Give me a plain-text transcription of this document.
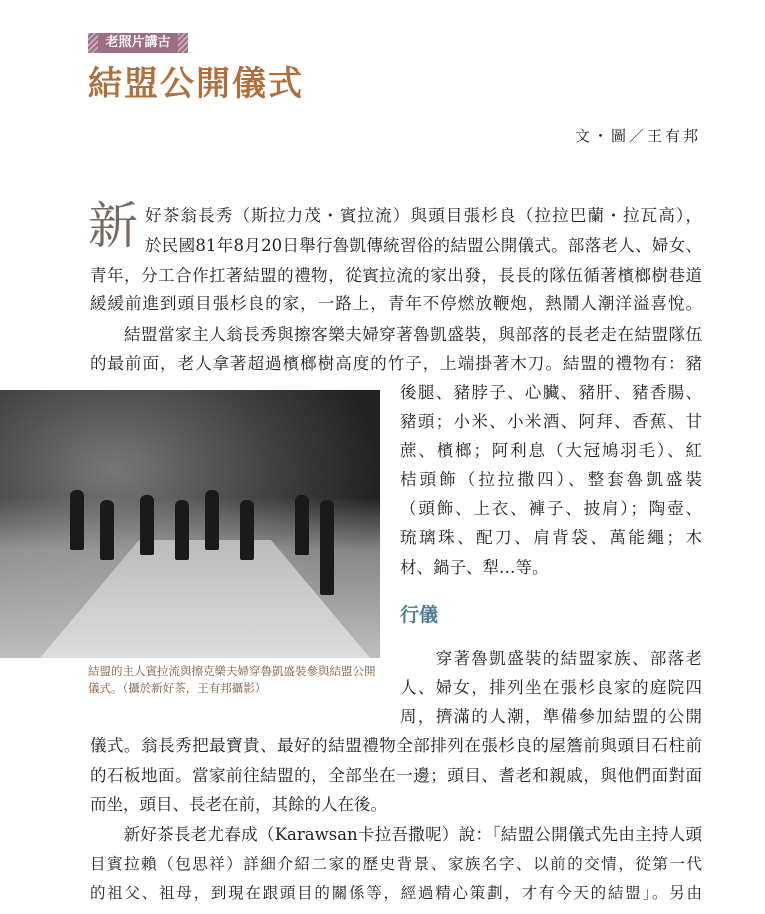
老照片講古
結盟公開儀式
文・圖／王有邦
新 好茶翁長秀（斯拉力茂・賓拉流）與頭目張杉良（拉拉巴蘭・拉瓦高），
於民國81年8月20日舉行魯凱傳統習俗的結盟公開儀式。部落老人、婦女、
青年，分工合作扛著結盟的禮物，從賓拉流的家出發，長長的隊伍循著檳榔樹巷道
緩緩前進到頭目張杉良的家，一路上，青年不停燃放鞭炮，熱鬧人潮洋溢喜悅。
　　結盟當家主人翁長秀與擦客樂夫婦穿著魯凱盛裝，與部落的長老走在結盟隊伍
的最前面，老人拿著超過檳榔樹高度的竹子，上端掛著木刀。結盟的禮物有：豬
後腿、豬脖子、心臟、豬肝、豬香腸、
豬頭；小米、小米酒、阿拜、香蕉、甘
蔗、檳榔；阿利息（大冠鳩羽毛）、紅
桔頭飾（拉拉撒四）、整套魯凱盛裝
（頭飾、上衣、褲子、披肩）；陶壺、
琉璃珠、配刀、肩背袋、萬能繩；木
材、鍋子、犁…等。
行儀
　　穿著魯凱盛裝的結盟家族、部落老
人、婦女，排列坐在張杉良家的庭院四
周，擠滿的人潮，準備參加結盟的公開
儀式。翁長秀把最寶貴、最好的結盟禮物全部排列在張杉良的屋簷前與頭目石柱前
的石板地面。當家前往結盟的，全部坐在一邊；頭目、耆老和親戚，與他們面對面
而坐，頭目、長老在前，其餘的人在後。
　　新好茶長老尤春成（Karawsan卡拉吾撒呢）說：「結盟公開儀式先由主持人頭
目賓拉賴（包思祥）詳細介紹二家的歷史背景、家族名字、以前的交情，從第一代
的祖父、祖母，到現在跟頭目的關係等，經過精心策劃，才有今天的結盟」。另由
結盟的主人賓拉流與擦克樂夫婦穿魯凱盛裝參與結盟公開儀式。（攝於新好茶，王有邦攝影）
